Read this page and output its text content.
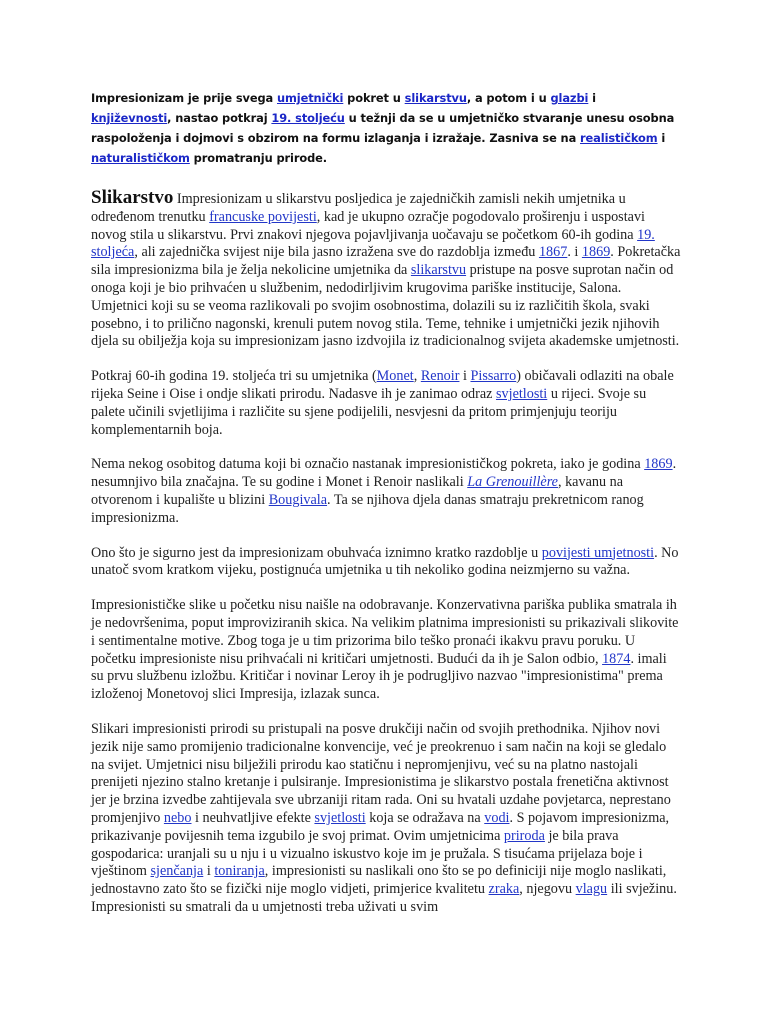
Impresionizam je prije svega umjetnički pokret u slikarstvu, a potom i u glazbi i književnosti, nastao potkraj 19. stoljeću u težnji da se u umjetničko stvaranje unesu osobna raspoloženja i dojmovi s obzirom na formu izlaganja i izražaje. Zasniva se na realističkom i naturalističkom promatranju prirode.

Slikarstvo Impresionizam u slikarstvu posljedica je zajedničkih zamisli nekih umjetnika u određenom trenutku francuske povijesti, kad je ukupno ozračje pogodovalo proširenju i uspostavi novog stila u slikarstvu. Prvi znakovi njegova pojavljivanja uočavaju se početkom 60-ih godina 19. stoljeća, ali zajednička svijest nije bila jasno izražena sve do razdoblja između 1867. i 1869. Pokretačka sila impresionizma bila je želja nekolicine umjetnika da slikarstvu pristupe na posve suprotan način od onoga koji je bio prihvaćen u službenim, nedodirljivim krugovima pariške institucije, Salona. Umjetnici koji su se veoma razlikovali po svojim osobnostima, dolazili su iz različitih škola, svaki posebno, i to prilično nagonski, krenuli putem novog stila. Teme, tehnike i umjetnički jezik njihovih djela su obilježja koja su impresionizam jasno izdvojila iz tradicionalnog svijeta akademske umjetnosti.

Potkraj 60-ih godina 19. stoljeća tri su umjetnika (Monet, Renoir i Pissarro) običavali odlaziti na obale rijeka Seine i Oise i ondje slikati prirodu. Nadasve ih je zanimao odraz svjetlosti u rijeci. Svoje su palete učinili svjetlijima i različite su sjene podijelili, nesvjesni da pritom primjenjuju teoriju komplementarnih boja.

Nema nekog osobitog datuma koji bi označio nastanak impresionističkog pokreta, iako je godina 1869. nesumnjivo bila značajna. Te su godine i Monet i Renoir naslikali La Grenouillère, kavanu na otvorenom i kupalište u blizini Bougivala. Ta se njihova djela danas smatraju prekretnicom ranog impresionizma.

Ono što je sigurno jest da impresionizam obuhvaća iznimno kratko razdoblje u povijesti umjetnosti. No unatoč svom kratkom vijeku, postignuća umjetnika u tih nekoliko godina neizmjerno su važna.

Impresionističke slike u početku nisu naišle na odobravanje. Konzervativna pariška publika smatrala ih je nedovršenima, poput improviziranih skica. Na velikim platnima impresionisti su prikazivali slikovite i sentimentalne motive. Zbog toga je u tim prizorima bilo teško pronaći ikakvu pravu poruku. U početku impresioniste nisu prihvaćali ni kritičari umjetnosti. Budući da ih je Salon odbio, 1874. imali su prvu službenu izložbu. Kritičar i novinar Leroy ih je podrugljivo nazvao "impresionistima" prema izloženoj Monetovoj slici Impresija, izlazak sunca.

Slikari impresionisti prirodi su pristupali na posve drukčiji način od svojih prethodnika. Njihov novi jezik nije samo promijenio tradicionalne konvencije, već je preokrenuo i sam način na koji se gledalo na svijet. Umjetnici nisu bilježili prirodu kao statičnu i nepromjenjivu, već su na platno nastojali prenijeti njezino stalno kretanje i pulsiranje. Impresionistima je slikarstvo postala frenetična aktivnost jer je brzina izvedbe zahtijevala sve ubrzaniji ritam rada. Oni su hvatali uzdahe povjetarca, neprestano promjenjivo nebo i neuhvatljive efekte svjetlosti koja se odražava na vodi. S pojavom impresionizma, prikazivanje povijesnih tema izgubilo je svoj primat. Ovim umjetnicima priroda je bila prava gospodarica: uranjali su u nju i u vizualno iskustvo koje im je pružala. S tisućama prijelaza boje i vještinom sjenčanja i toniranja, impresionisti su naslikali ono što se po definiciji nije moglo naslikati, jednostavno zato što se fizički nije moglo vidjeti, primjerice kvalitetu zraka, njegovu vlagu ili svježinu. Impresionisti su smatrali da u umjetnosti treba uživati u svim
